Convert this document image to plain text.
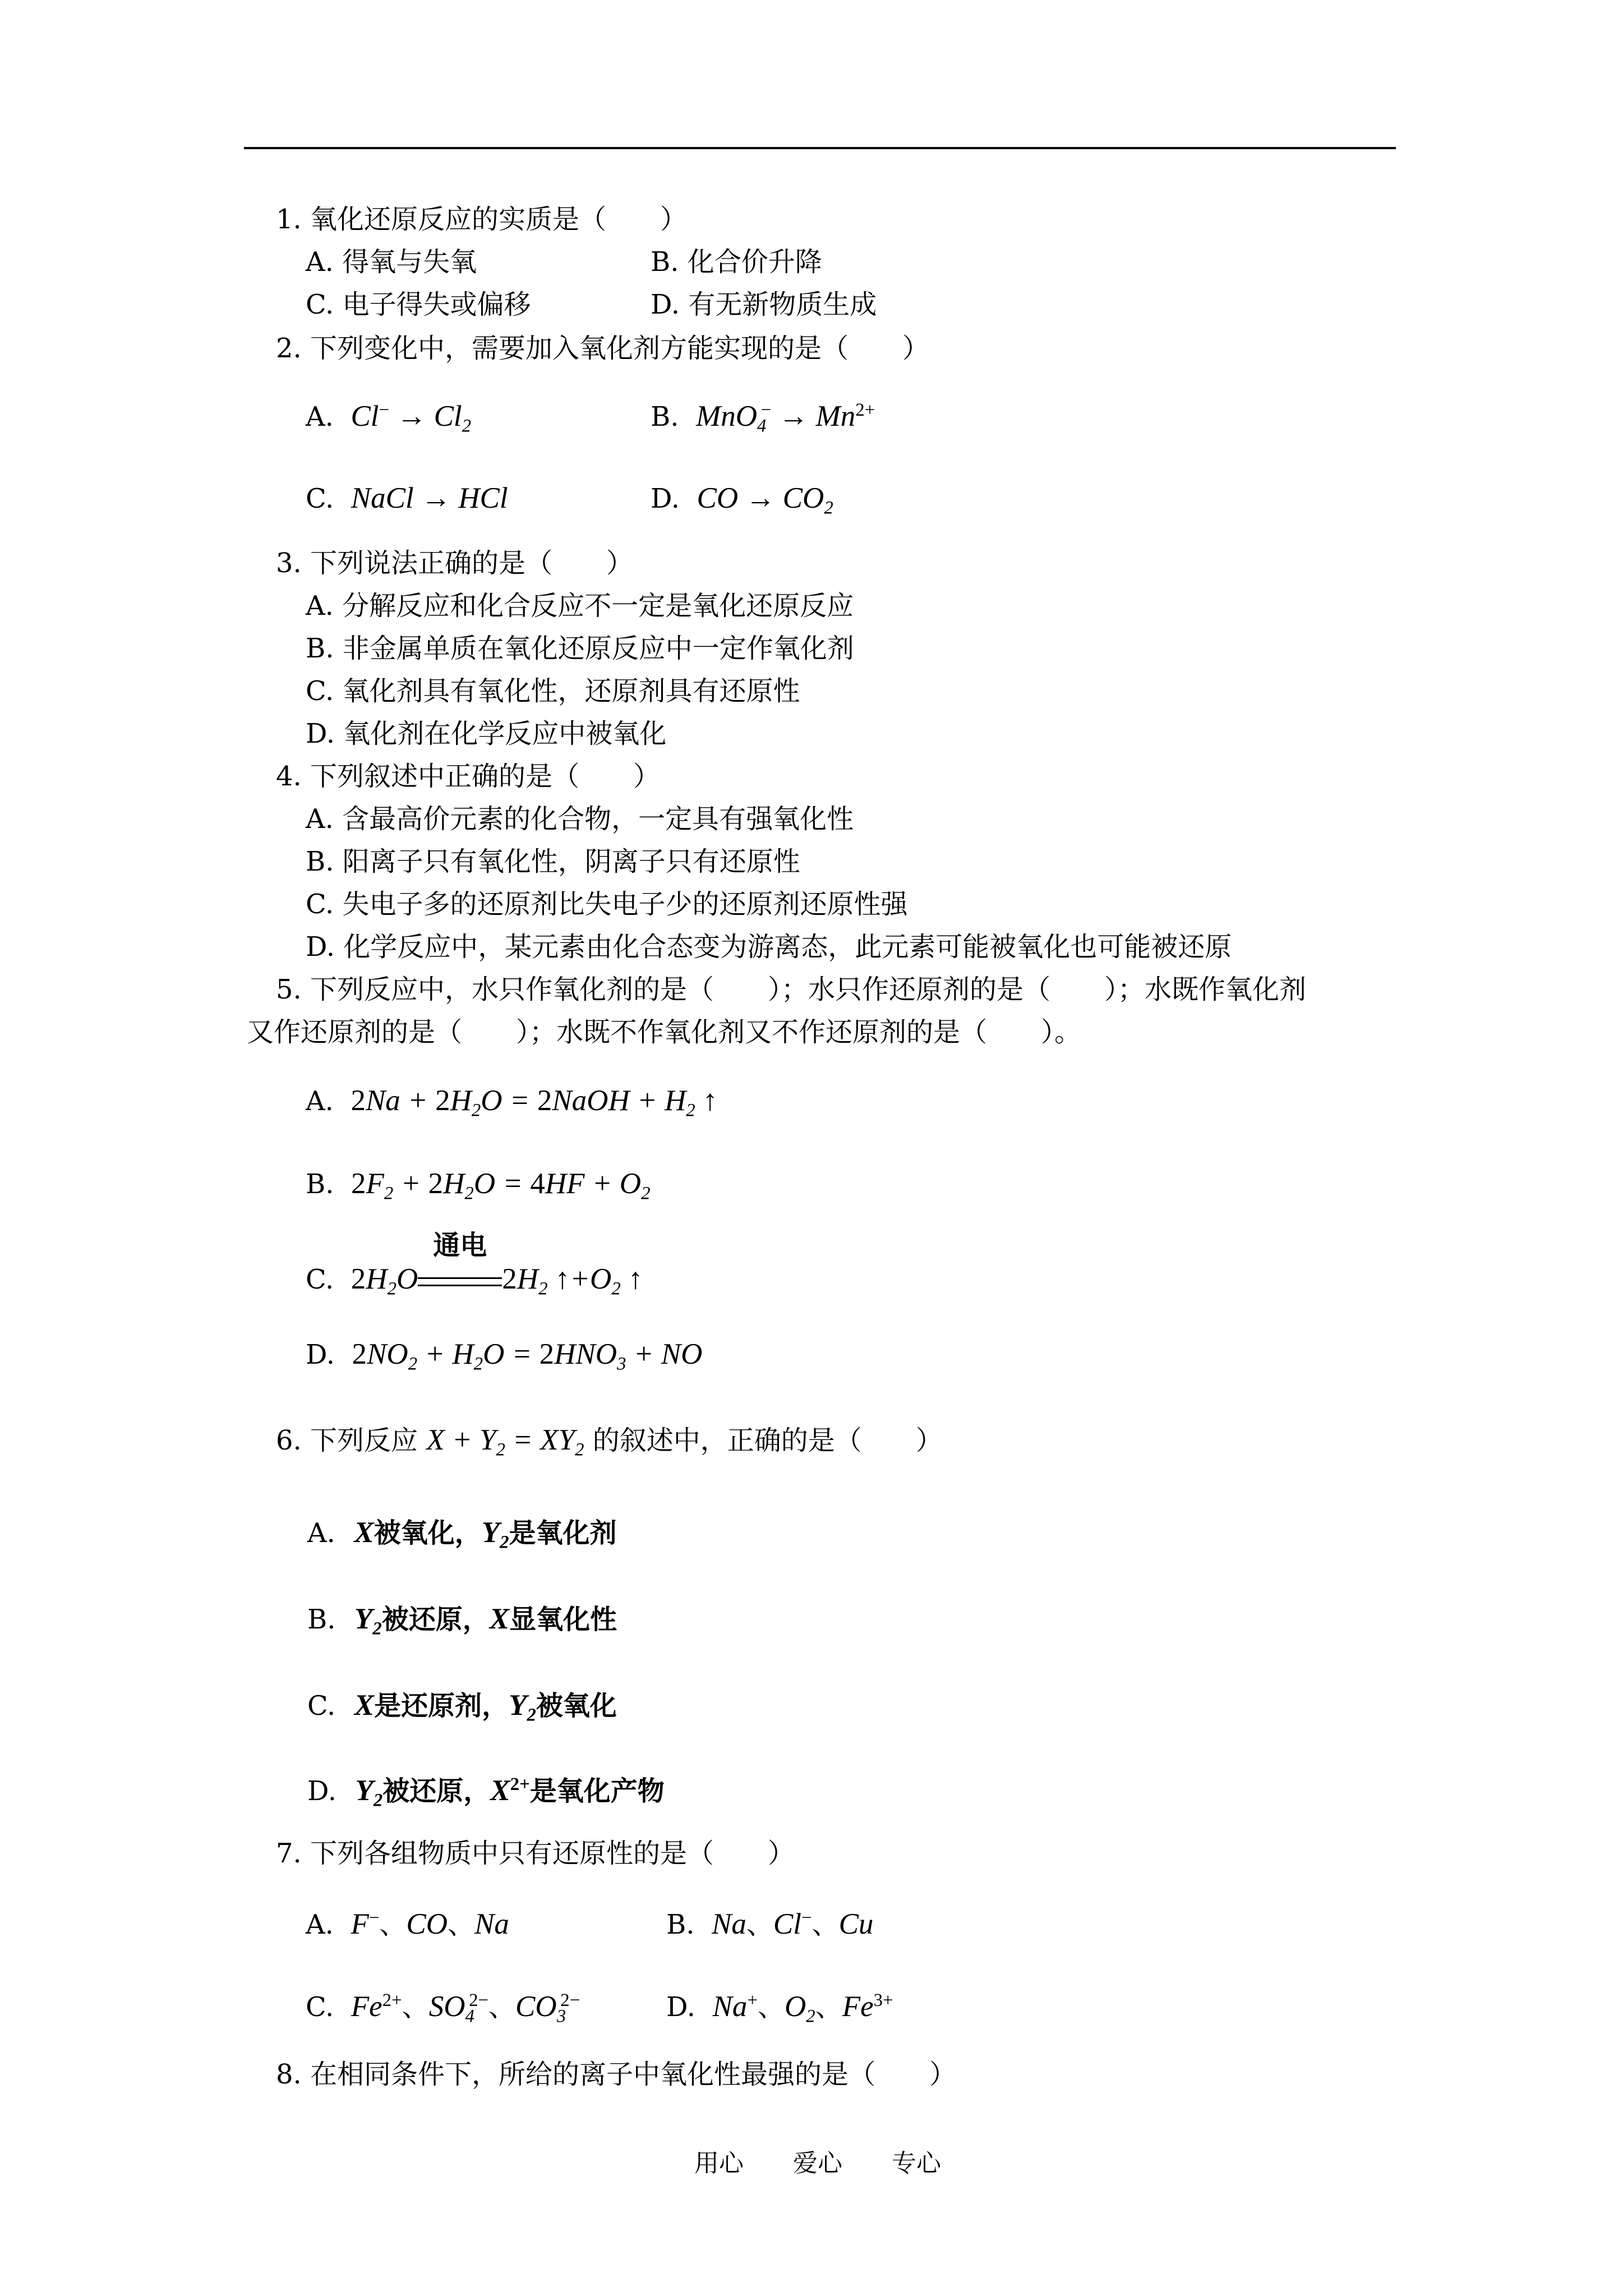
1. 氧化还原反应的实质是（　　）
A. 得氧与失氧	B. 化合价升降
C. 电子得失或偏移	D. 有无新物质生成
2. 下列变化中，需要加入氧化剂方能实现的是（　　）
A. $Cl^- \to Cl_2$	B. $MnO_4^- \to Mn^{2+}$
C. NaCl → HCl	D. CO → $CO_2$
3. 下列说法正确的是（　　）
A. 分解反应和化合反应不一定是氧化还原反应
B. 非金属单质在氧化还原反应中一定作氧化剂
C. 氧化剂具有氧化性，还原剂具有还原性
D. 氧化剂在化学反应中被氧化
4. 下列叙述中正确的是（　　）
A. 含最高价元素的化合物，一定具有强氧化性
B. 阳离子只有氧化性，阴离子只有还原性
C. 失电子多的还原剂比失电子少的还原剂还原性强
D. 化学反应中，某元素由化合态变为游离态，此元素可能被氧化也可能被还原
5. 下列反应中，水只作氧化剂的是（　　）；水只作还原剂的是（　　）；水既作氧化剂
又作还原剂的是（　　）；水既不作氧化剂又不作还原剂的是（　　）。
A. $2Na + 2H_2O$ = 2NaOH + $H_2$ ↑
B. $2F_2 + 2H_2O = 4HF + O_2$
C. $2H_2O$
通电
$2H_2$ $↑+O_2$ ↑
D. $2NO_2 + H_2O = 2HNO_3$ + NO
6. 下列反应 $X + Y_2 = XY_2$ 的叙述中，正确的是（　　）
A. X被氧化，$Y_2$是氧化剂
B. $Y_2$被还原，X显氧化性
C. X是还原剂，$Y_2$被氧化
D. $Y_2$被还原，$X^{2+}$是氧化产物
7. 下列各组物质中只有还原性的是（　　）
A. F−、CO、Na	B. Na、Cl−、Cu
C. $Fe^{2+}$、$SO_4^{2-}$、$CO_3^{2-}$	D. Na+、$O_2$、$Fe^{3+}$
8. 在相同条件下，所给的离子中氧化性最强的是（　　）
用心 爱心 专心
